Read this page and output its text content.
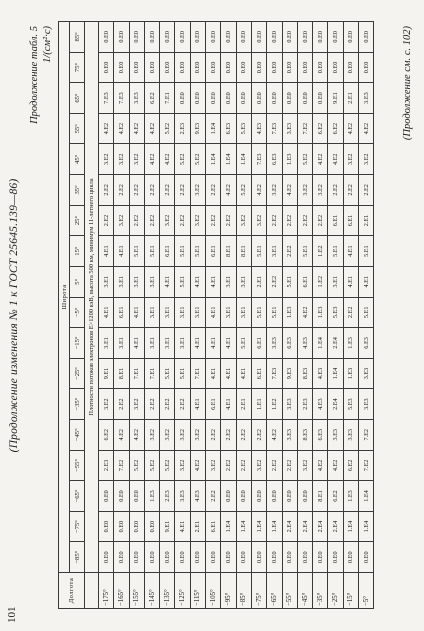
101
(Продолжение изменения № 1 к ГОСТ 25645.139—86)
Продолжение табл. 5 1/(см²·с)
Долгота	Широта																	
	−85°	−75°	−65°	−55°	−45°	−35°	−25°	−15°	−5°	5°	15°	25°	35°	45°	55°	65°	75°	85°
	Плотности потоков электронов Е>1200 кэВ, высота 500 км, минимум 11-летнего цикла																	
−175°	0.E0	0.E0	0.E0	2.E3	6.E2	3.E2	9.E1	3.E1	4.E1	3.E1	4.E1	2.E2	2.E2	3.E2	4.E2	7.E3	0.E0	0.E0
−165°	0.E0	0.E0	0.E0	7.E2	4.E2	2.E2	8.E1	3.E1	6.E1	3.E1	4.E1	3.E2	2.E2	3.E2	4.E2	7.E3	0.E0	0.E0
−155°	0.E0	0.E0	0.E0	5.E2	4.E2	3.E2	7.E1	4.E1	4.E1	3.E1	5.E1	2.E2	2.E2	3.E2	4.E2	3.E3	0.E0	0.E0
−145°	0.E0	0.E0	1.E3	5.E2	3.E2	2.E2	7.E1	3.E1	3.E1	3.E1	5.E1	2.E2	2.E2	4.E2	4.E2	6.E2	0.E0	0.E0
−135°	0.E0	9.E1	2.E3	5.E2	3.E2	2.E2	5.E1	3.E1	3.E1	4.E1	6.E1	3.E2	2.E2	4.E2	5.E2	7.E1	0.E0	0.E0
−125°	0.E0	4.E1	3.E3	3.E2	3.E2	2.E2	5.E1	3.E1	3.E1	5.E1	5.E1	2.E2	2.E2	5.E2	2.E3	0.E0	0.E0	0.E0
−115°	0.E0	2.E1	4.E3	4.E2	3.E2	4.E1	7.E1	4.E1	3.E1	4.E1	5.E1	3.E2	3.E2	5.E2	9.E3	0.E0	0.E0	0.E0
−105°	0.E0	6.E1	2.E2	3.E2	2.E2	6.E1	4.E1	4.E1	4.E1	4.E1	6.E1	2.E2	2.E2	1.E4	1.E4	0.E0	0.E0	0.E0
−95°	0.E0	1.E4	0.E0	2.E2	2.E2	4.E1	4.E1	4.E1	3.E1	3.E1	8.E1	2.E2	4.E2	1.E4	6.E3	0.E0	0.E0	0.E0
−85°	0.E0	1.E4	0.E0	2.E2	2.E2	2.E1	4.E1	5.E1	3.E1	3.E1	8.E1	3.E2	5.E2	1.E4	5.E3	0.E0	0.E0	0.E0
−75°	0.E0	1.E4	0.E0	3.E2	2.E2	1.E1	6.E1	6.E1	5.E1	2.E1	5.E1	3.E2	4.E2	7.E3	4.E3	0.E0	0.E0	0.E0
−65°	0.E0	1.E4	0.E0	2.E2	4.E2	1.E2	7.E3	3.E3	5.E1	2.E2	3.E1	2.E2	3.E2	6.E3	7.E3	0.E0	0.E0	0.E0
−55°	0.E0	2.E4	0.E0	2.E2	3.E3	3.E3	9.E3	6.E3	1.E3	5.E1	2.E2	2.E2	4.E2	1.E3	3.E3	0.E0	0.E0	0.E0
−45°	0.E0	2.E4	0.E0	3.E2	8.E3	2.E3	8.E3	4.E3	4.E2	6.E1	5.E1	2.E2	3.E2	5.E2	7.E2	0.E0	0.E0	0.E0
−35°	0.E0	2.E4	8.E1	4.E2	6.E3	4.E3	4.E3	1.E4	1.E3	1.E2	1.E2	2.E2	3.E2	4.E2	6.E2	0.E0	0.E0	0.E0
−25°	0.E0	2.E4	6.E2	4.E2	3.E3	2.E4	1.E4	2.E4	5.E3	3.E1	5.E1	6.E1	2.E2	4.E2	6.E2	9.E1	0.E0	0.E0
−15°	0.E0	1.E4	1.E3	6.E2	3.E3	5.E3	1.E3	1.E3	2.E2	4.E1	4.E1	6.E1	2.E2	3.E2	4.E2	2.E1	0.E0	0.E0
−5°	0.E0	1.E4	1.E4	7.E2	7.E2	3.E3	3.E3	6.E3	5.E1	4.E1	5.E1	2.E1	2.E2	3.E2	4.E2	3.E3	0.E0	0.E0	(Продолжение см. с. 102)
